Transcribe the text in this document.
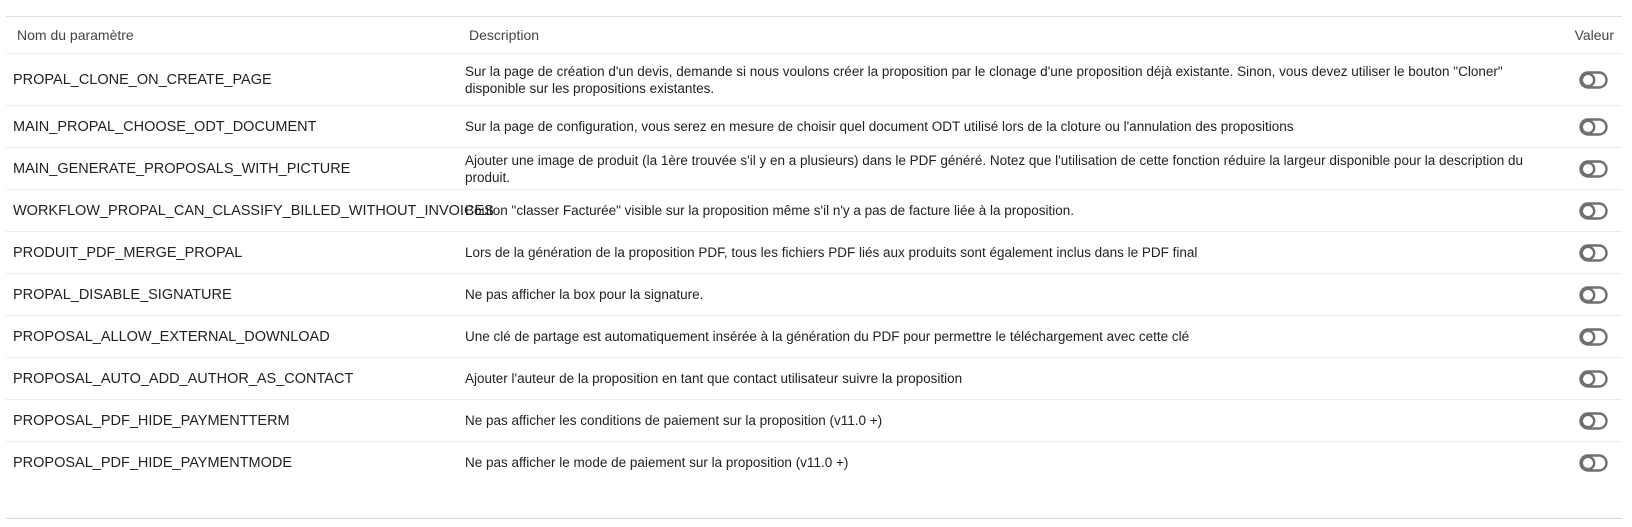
Nom du paramètre	Description	Valeur
PROPAL_CLONE_ON_CREATE_PAGE	Sur la page de création d'un devis, demande si nous voulons créer la proposition par le clonage d'une proposition déjà existante. Sinon, vous devez utiliser le bouton "Cloner" disponible sur les propositions existantes.	
MAIN_PROPAL_CHOOSE_ODT_DOCUMENT	Sur la page de configuration, vous serez en mesure de choisir quel document ODT utilisé lors de la cloture ou l'annulation des propositions	
MAIN_GENERATE_PROPOSALS_WITH_PICTURE	Ajouter une image de produit (la 1ère trouvée s'il y en a plusieurs) dans le PDF généré. Notez que l'utilisation de cette fonction réduire la largeur disponible pour la description du produit.	
WORKFLOW_PROPAL_CAN_CLASSIFY_BILLED_WITHOUT_INVOICES	Bouton "classer Facturée" visible sur la proposition même s'il n'y a pas de facture liée à la proposition.	
PRODUIT_PDF_MERGE_PROPAL	Lors de la génération de la proposition PDF, tous les fichiers PDF liés aux produits sont également inclus dans le PDF final	
PROPAL_DISABLE_SIGNATURE	Ne pas afficher la box pour la signature.	
PROPOSAL_ALLOW_EXTERNAL_DOWNLOAD	Une clé de partage est automatiquement insérée à la génération du PDF pour permettre le téléchargement avec cette clé	
PROPOSAL_AUTO_ADD_AUTHOR_AS_CONTACT	Ajouter l'auteur de la proposition en tant que contact utilisateur suivre la proposition	
PROPOSAL_PDF_HIDE_PAYMENTTERM	Ne pas afficher les conditions de paiement sur la proposition (v11.0 +)	
PROPOSAL_PDF_HIDE_PAYMENTMODE	Ne pas afficher le mode de paiement sur la proposition (v11.0 +)	
